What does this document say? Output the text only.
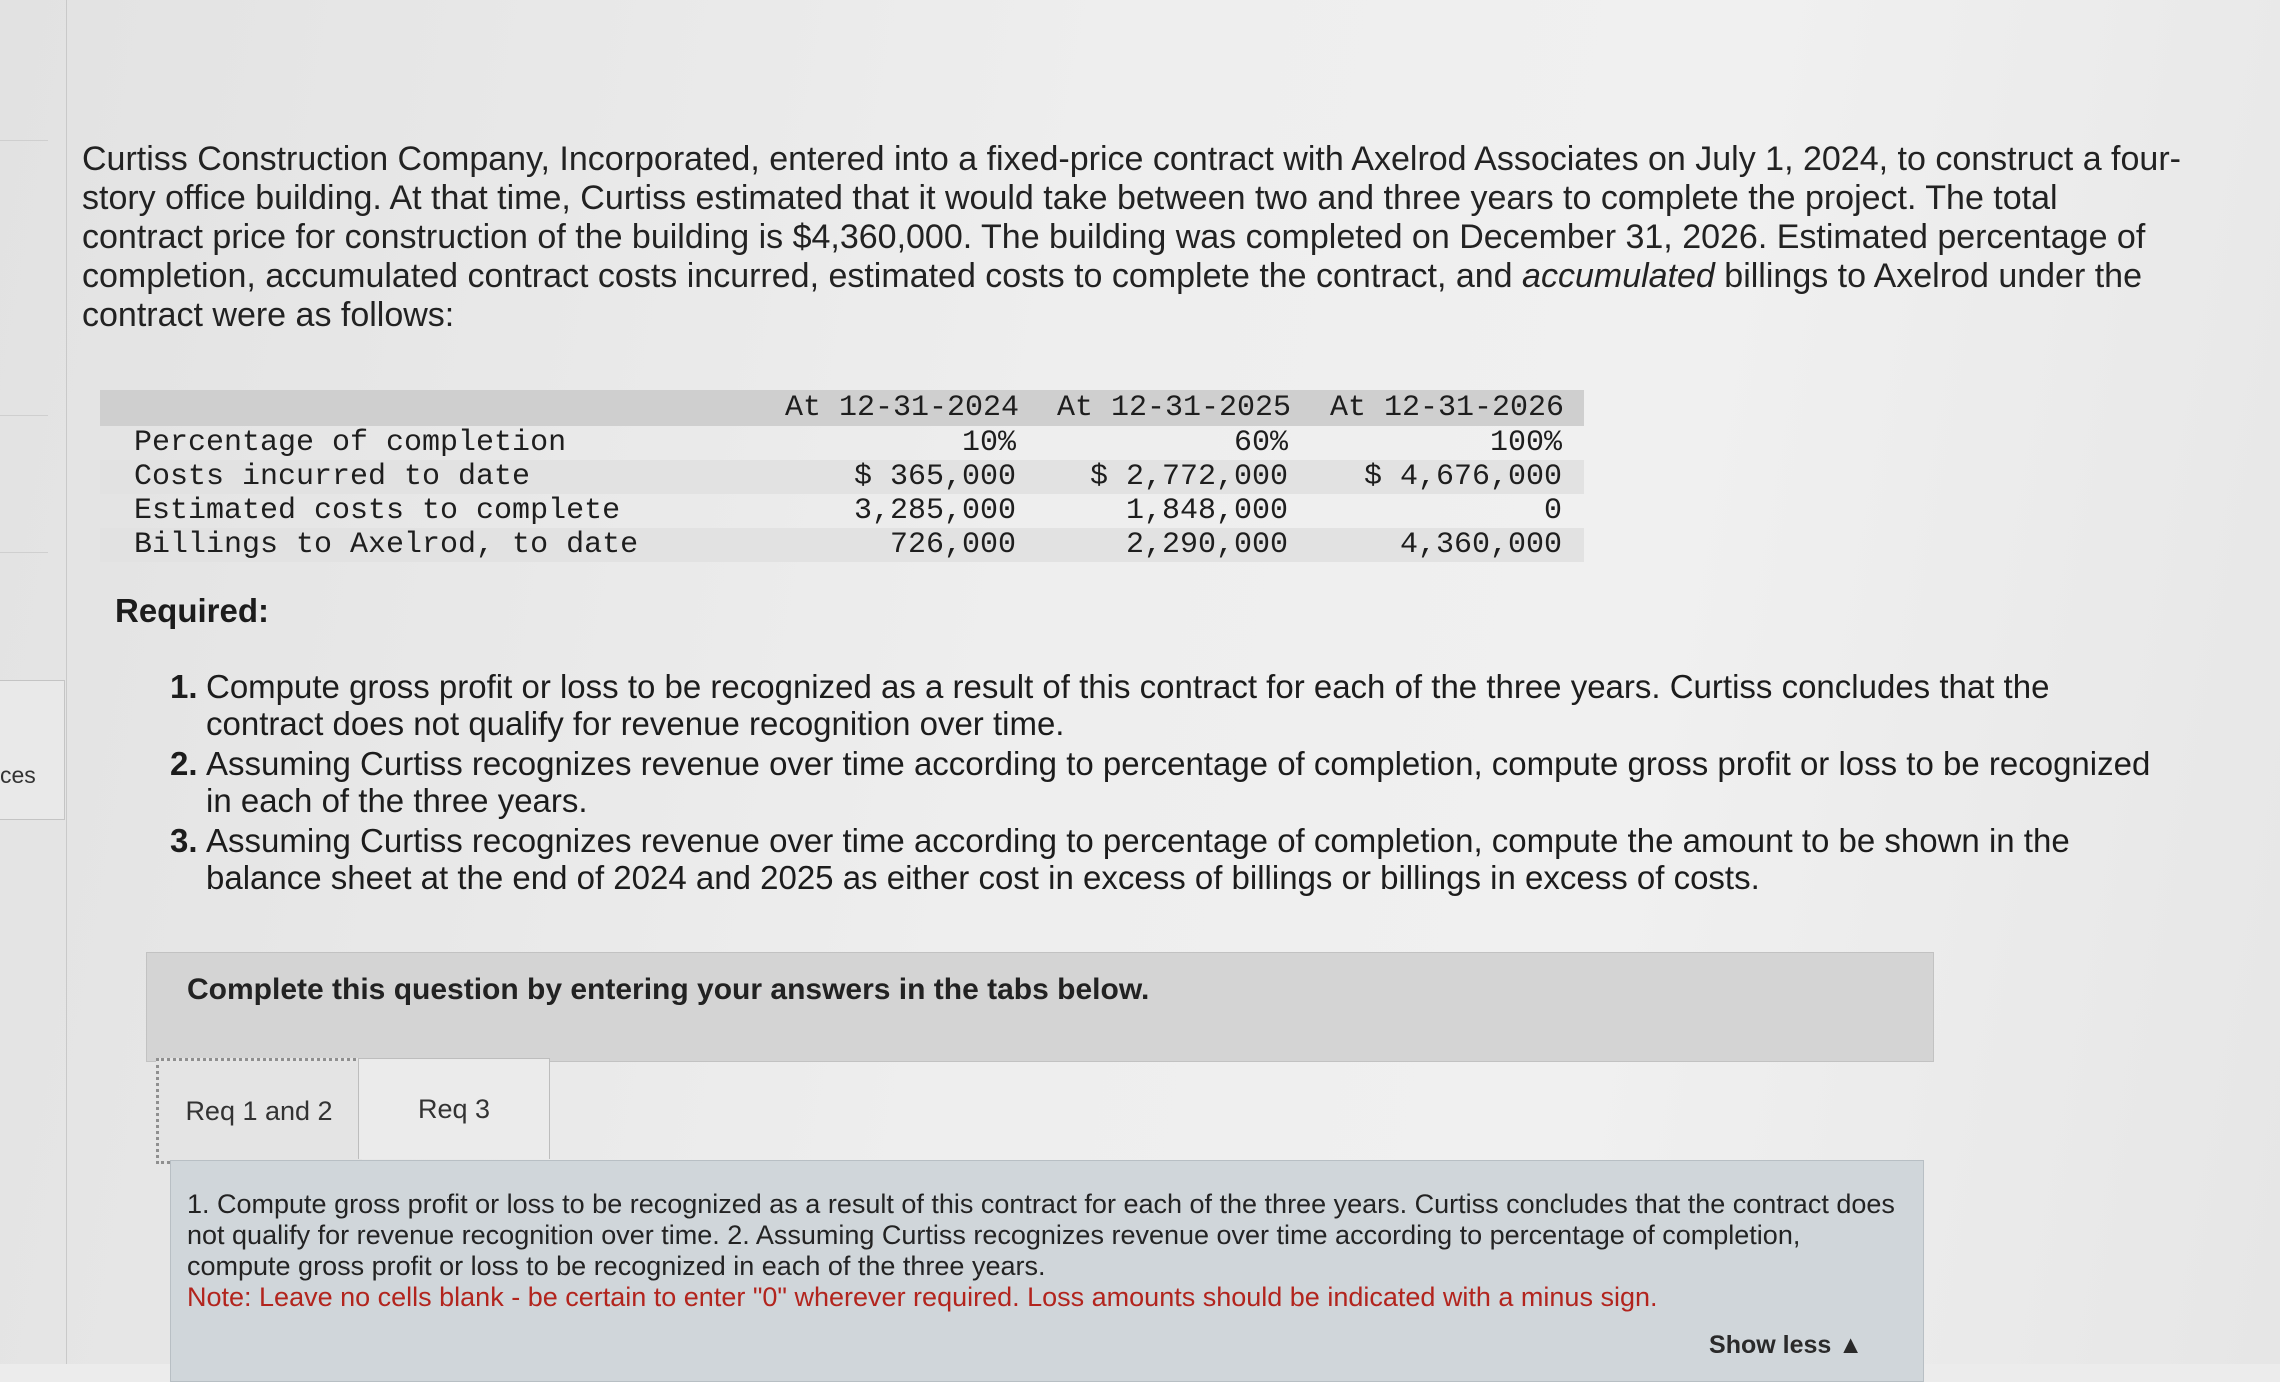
ces

Curtiss Construction Company, Incorporated, entered into a fixed-price contract with Axelrod Associates on July 1, 2024, to construct a four-story office building. At that time, Curtiss estimated that it would take between two and three years to complete the project. The total contract price for construction of the building is $4,360,000. The building was completed on December 31, 2026. Estimated percentage of completion, accumulated contract costs incurred, estimated costs to complete the contract, and accumulated billings to Axelrod under the contract were as follows:

At 12-31-2024	At 12-31-2025	At 12-31-2026
Percentage of completion	10%	60%	100%
Costs incurred to date	$ 365,000	$ 2,772,000	$ 4,676,000
Estimated costs to complete	3,285,000	1,848,000	0
Billings to Axelrod, to date	726,000	2,290,000	4,360,000
Required:
1. Compute gross profit or loss to be recognized as a result of this contract for each of the three years. Curtiss concludes that the contract does not qualify for revenue recognition over time.
2. Assuming Curtiss recognizes revenue over time according to percentage of completion, compute gross profit or loss to be recognized in each of the three years.
3. Assuming Curtiss recognizes revenue over time according to percentage of completion, compute the amount to be shown in the balance sheet at the end of 2024 and 2025 as either cost in excess of billings or billings in excess of costs.
Complete this question by entering your answers in the tabs below.
Req 1 and 2	Req 3
1. Compute gross profit or loss to be recognized as a result of this contract for each of the three years. Curtiss concludes that the contract does not qualify for revenue recognition over time. 2. Assuming Curtiss recognizes revenue over time according to percentage of completion, compute gross profit or loss to be recognized in each of the three years.
Note: Leave no cells blank - be certain to enter "0" wherever required. Loss amounts should be indicated with a minus sign.
Show less ▲
